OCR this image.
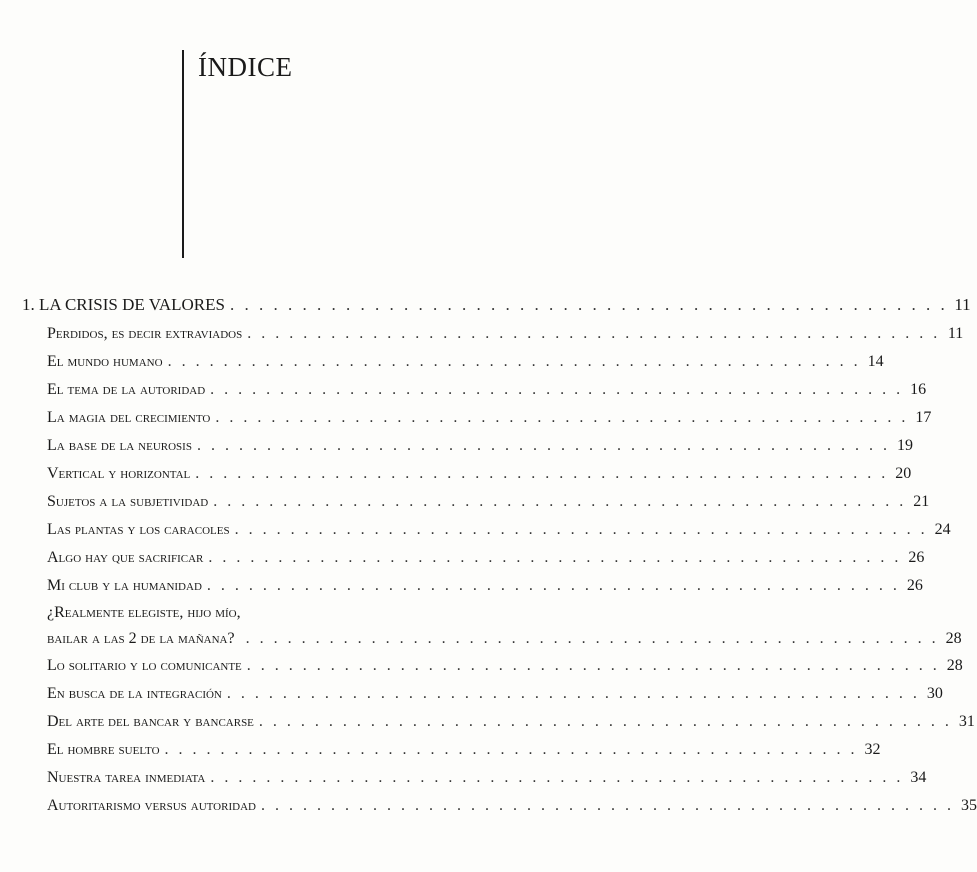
ÍNDICE
1. LA CRISIS DE VALORES . . . . . . . . . . . . . . . . . . . . . . . . . . . . . . . . . . . . . . . . . . . . . . . . . . 11
Perdidos, es decir extraviados . . . . . . . . . . . . . . . . . . . . . . . . . . . . . . . . . . . . . . . . . . . . . . . . . . 11
El mundo humano . . . . . . . . . . . . . . . . . . . . . . . . . . . . . . . . . . . . . . . . . . . . . . . . . . 14
El tema de la autoridad . . . . . . . . . . . . . . . . . . . . . . . . . . . . . . . . . . . . . . . . . . . . . . . . . . 16
La magia del crecimiento . . . . . . . . . . . . . . . . . . . . . . . . . . . . . . . . . . . . . . . . . . . . . . . . . . 17
La base de la neurosis . . . . . . . . . . . . . . . . . . . . . . . . . . . . . . . . . . . . . . . . . . . . . . . . . . 19
Vertical y horizontal . . . . . . . . . . . . . . . . . . . . . . . . . . . . . . . . . . . . . . . . . . . . . . . . . . 20
Sujetos a la subjetividad . . . . . . . . . . . . . . . . . . . . . . . . . . . . . . . . . . . . . . . . . . . . . . . . . . 21
Las plantas y los caracoles . . . . . . . . . . . . . . . . . . . . . . . . . . . . . . . . . . . . . . . . . . . . . . . . . . 24
Algo hay que sacrificar . . . . . . . . . . . . . . . . . . . . . . . . . . . . . . . . . . . . . . . . . . . . . . . . . . 26
Mi club y la humanidad . . . . . . . . . . . . . . . . . . . . . . . . . . . . . . . . . . . . . . . . . . . . . . . . . . 26
¿Realmente elegiste, hijo mío,
bailar a las 2 de la mañana? . . . . . . . . . . . . . . . . . . . . . . . . . . . . . . . . . . . . . . . . . . . . . . . . . . 28
Lo solitario y lo comunicante . . . . . . . . . . . . . . . . . . . . . . . . . . . . . . . . . . . . . . . . . . . . . . . . . . 28
En busca de la integración . . . . . . . . . . . . . . . . . . . . . . . . . . . . . . . . . . . . . . . . . . . . . . . . . . 30
Del arte del bancar y bancarse . . . . . . . . . . . . . . . . . . . . . . . . . . . . . . . . . . . . . . . . . . . . . . . . . . 31
El hombre suelto . . . . . . . . . . . . . . . . . . . . . . . . . . . . . . . . . . . . . . . . . . . . . . . . . . 32
Nuestra tarea inmediata . . . . . . . . . . . . . . . . . . . . . . . . . . . . . . . . . . . . . . . . . . . . . . . . . . 34
Autoritarismo versus autoridad . . . . . . . . . . . . . . . . . . . . . . . . . . . . . . . . . . . . . . . . . . . . . . . . . . 35
